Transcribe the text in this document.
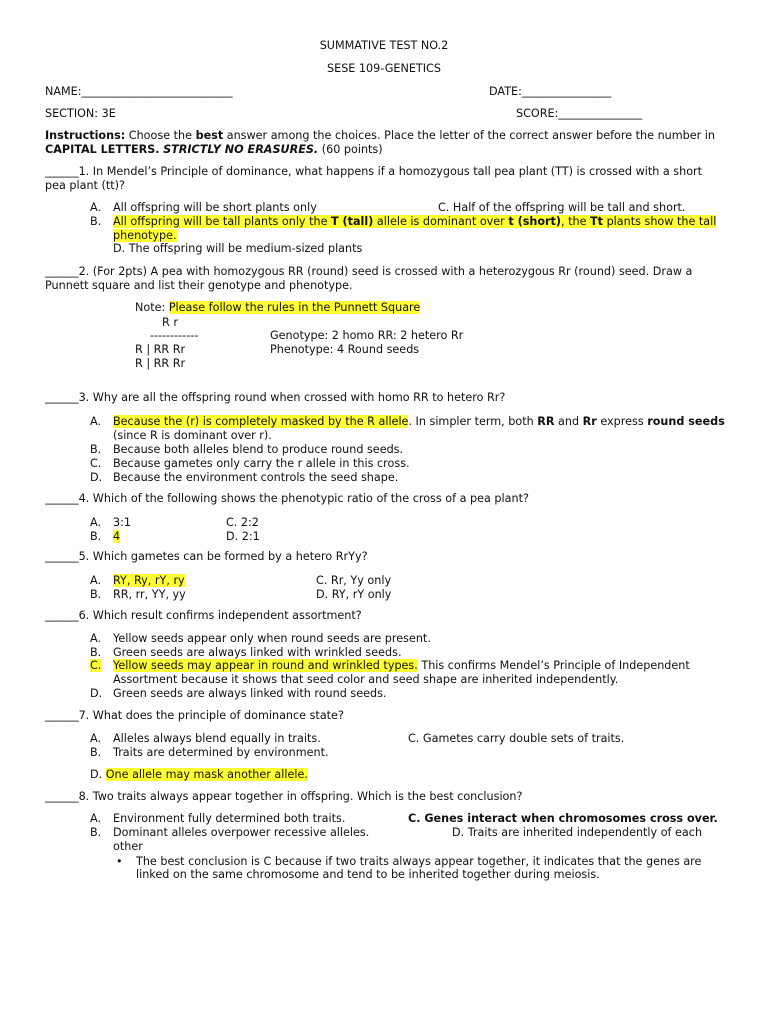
SUMMATIVE TEST NO.2
SESE 109-GENETICS
NAME:___________________________	DATE:________________
SECTION: 3E	SCORE:_______________
Instructions: Choose the best answer among the choices. Place the letter of the correct answer before the number in
CAPITAL LETTERS. STRICTLY NO ERASURES. (60 points)
______1. In Mendel’s Principle of dominance, what happens if a homozygous tall pea plant (TT) is crossed with a short
pea plant (tt)?
A. All offspring will be short plants only	C. Half of the offspring will be tall and short.
B. All offspring will be tall plants only the T (tall) allele is dominant over t (short), the Tt plants show the tall
phenotype.
D. The offspring will be medium-sized plants
______2. (For 2pts) A pea with homozygous RR (round) seed is crossed with a heterozygous Rr (round) seed. Draw a
Punnett square and list their genotype and phenotype.
Note: Please follow the rules in the Punnett Square
R r
------------
R | RR Rr
R | RR Rr
Genotype: 2 homo RR: 2 hetero Rr
Phenotype: 4 Round seeds
______3. Why are all the offspring round when crossed with homo RR to hetero Rr?
A. Because the (r) is completely masked by the R allele. In simpler term, both RR and Rr express round seeds
(since R is dominant over r).
B. Because both alleles blend to produce round seeds.
C. Because gametes only carry the r allele in this cross.
D. Because the environment controls the seed shape.
______4. Which of the following shows the phenotypic ratio of the cross of a pea plant?
A. 3:1	C. 2:2
B. 4	D. 2:1
______5. Which gametes can be formed by a hetero RrYy?
A. RY, Ry, rY, ry	C. Rr, Yy only
B. RR, rr, YY, yy	D. RY, rY only
______6. Which result confirms independent assortment?
A. Yellow seeds appear only when round seeds are present.
B. Green seeds are always linked with wrinkled seeds.
C. Yellow seeds may appear in round and wrinkled types. This confirms Mendel’s Principle of Independent
Assortment because it shows that seed color and seed shape are inherited independently.
D. Green seeds are always linked with round seeds.
______7. What does the principle of dominance state?
A. Alleles always blend equally in traits.	C. Gametes carry double sets of traits.
B. Traits are determined by environment.
D. One allele may mask another allele.
______8. Two traits always appear together in offspring. Which is the best conclusion?
A. Environment fully determined both traits.	C. Genes interact when chromosomes cross over.
B. Dominant alleles overpower recessive alleles.	D. Traits are inherited independently of each
other
• The best conclusion is C because if two traits always appear together, it indicates that the genes are
linked on the same chromosome and tend to be inherited together during meiosis.
